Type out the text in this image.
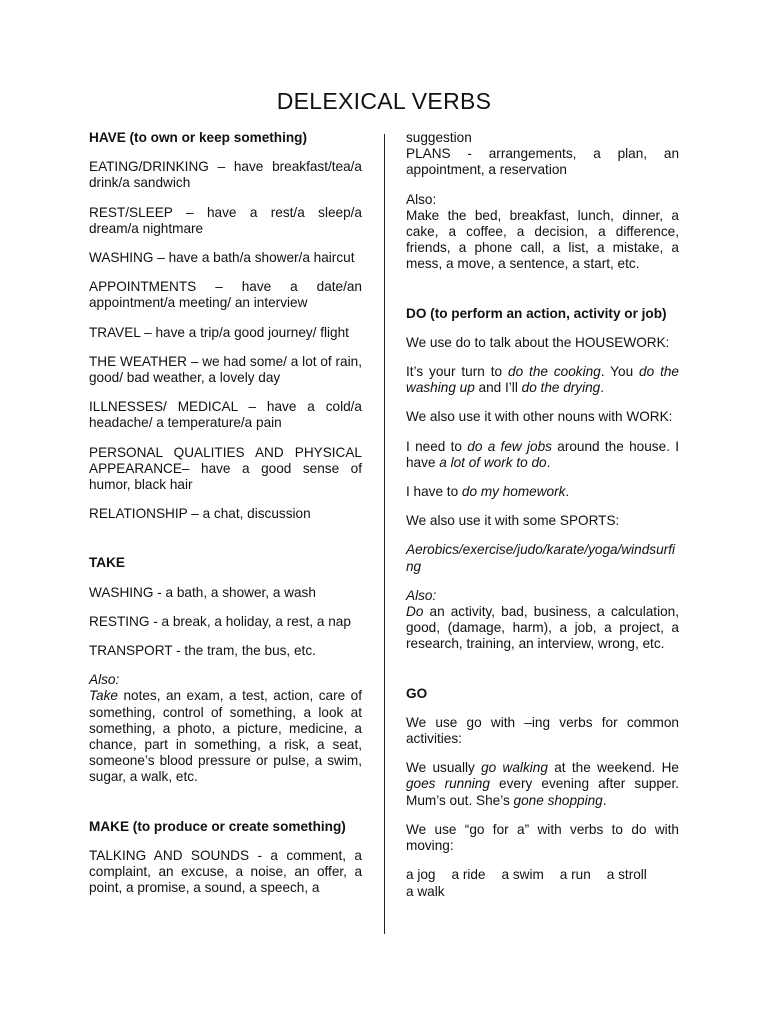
DELEXICAL VERBS

HAVE (to own or keep something)

EATING/DRINKING – have breakfast/tea/a drink/a sandwich

REST/SLEEP – have a rest/a sleep/a dream/a nightmare

WASHING – have a bath/a shower/a haircut

APPOINTMENTS – have a date/an appointment/a meeting/ an interview

TRAVEL – have a trip/a good journey/ flight

THE WEATHER – we had some/ a lot of rain, good/ bad weather, a lovely day

ILLNESSES/ MEDICAL – have a cold/a headache/ a temperature/a pain

PERSONAL QUALITIES AND PHYSICAL APPEARANCE– have a good sense of humor, black hair

RELATIONSHIP – a chat, discussion

TAKE

WASHING - a bath, a shower, a wash

RESTING - a break, a holiday, a rest, a nap

TRANSPORT - the tram, the bus, etc.

Also:

Take notes, an exam, a test, action, care of something, control of something, a look at something, a photo, a picture, medicine, a chance, part in something, a risk, a seat, someone’s blood pressure or pulse, a swim, sugar, a walk, etc.

MAKE (to produce or create something)

TALKING AND SOUNDS - a comment, a complaint, an excuse, a noise, an offer, a point, a promise, a sound, a speech, a

suggestion

PLANS - arrangements, a plan, an appointment, a reservation

Also:

Make the bed, breakfast, lunch, dinner, a cake, a coffee, a decision, a difference, friends, a phone call, a list, a mistake, a mess, a move, a sentence, a start, etc.

DO (to perform an action, activity or job)

We use do to talk about the HOUSEWORK:

It’s your turn to do the cooking. You do the washing up and I’ll do the drying.

We also use it with other nouns with WORK:

I need to do a few jobs around the house. I have a lot of work to do.

I have to do my homework.

We also use it with some SPORTS:

Aerobics/exercise/judo/karate/yoga/windsurfing

Also:

Do an activity, bad, business, a calculation, good, (damage, harm), a job, a project, a research, training, an interview, wrong, etc.

GO

We use go with –ing verbs for common activities:

We usually go walking at the weekend. He goes running every evening after supper. Mum’s out. She’s gone shopping.

We use “go for a” with verbs to do with moving:

a jog a ride a swim a run a stroll
a walk
